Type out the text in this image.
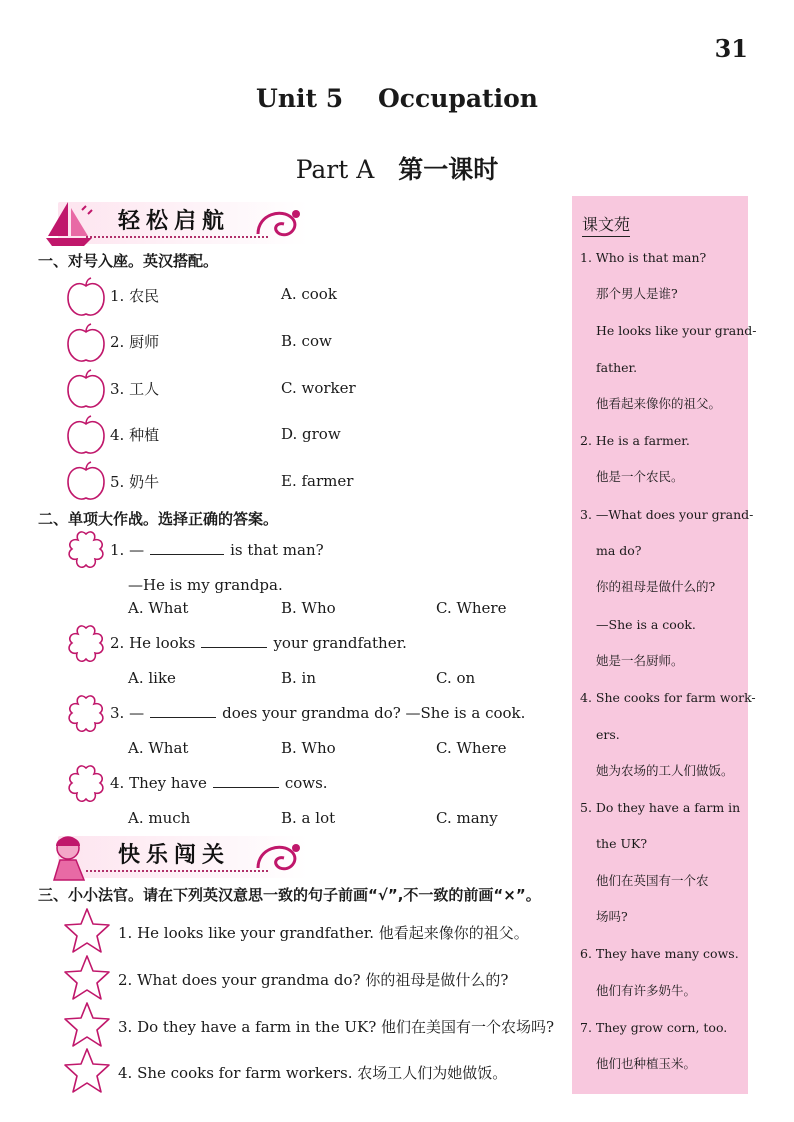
31
Unit 5    Occupation
Part A 第一课时
轻松启航
一、对号入座。英汉搭配。
1. 农民	A. cook
2. 厨师	B. cow
3. 工人	C. worker
4. 种植	D. grow
5. 奶牛	E. farmer
二、单项大作战。选择正确的答案。
1. —	is that man?
—He is my grandpa.
A. What	B. Who	C. Where
2. He looks	your grandfather.
A. like	B. in	C. on
3. —	does your grandma do? —She is a cook.
A. What	B. Who	C. Where
4. They have	cows.
A. much	B. a lot	C. many
快乐闯关
三、小小法官。请在下列英汉意思一致的句子前画“√”,不一致的前画“×”。
1. He looks like your grandfather. 他看起来像你的祖父。
2. What does your grandma do? 你的祖母是做什么的?
3. Do they have a farm in the UK? 他们在美国有一个农场吗?
4. She cooks for farm workers. 农场工人们为她做饭。
课文苑
1. Who is that man?
那个男人是谁?
He looks like your grand-
father.
他看起来像你的祖父。
2. He is a farmer.
他是一个农民。
3. —What does your grand-
ma do?
你的祖母是做什么的?
—She is a cook.
她是一名厨师。
4. She cooks for farm work-
ers.
她为农场的工人们做饭。
5. Do they have a farm in
the UK?
他们在英国有一个农
场吗?
6. They have many cows.
他们有许多奶牛。
7. They grow corn, too.
他们也种植玉米。
